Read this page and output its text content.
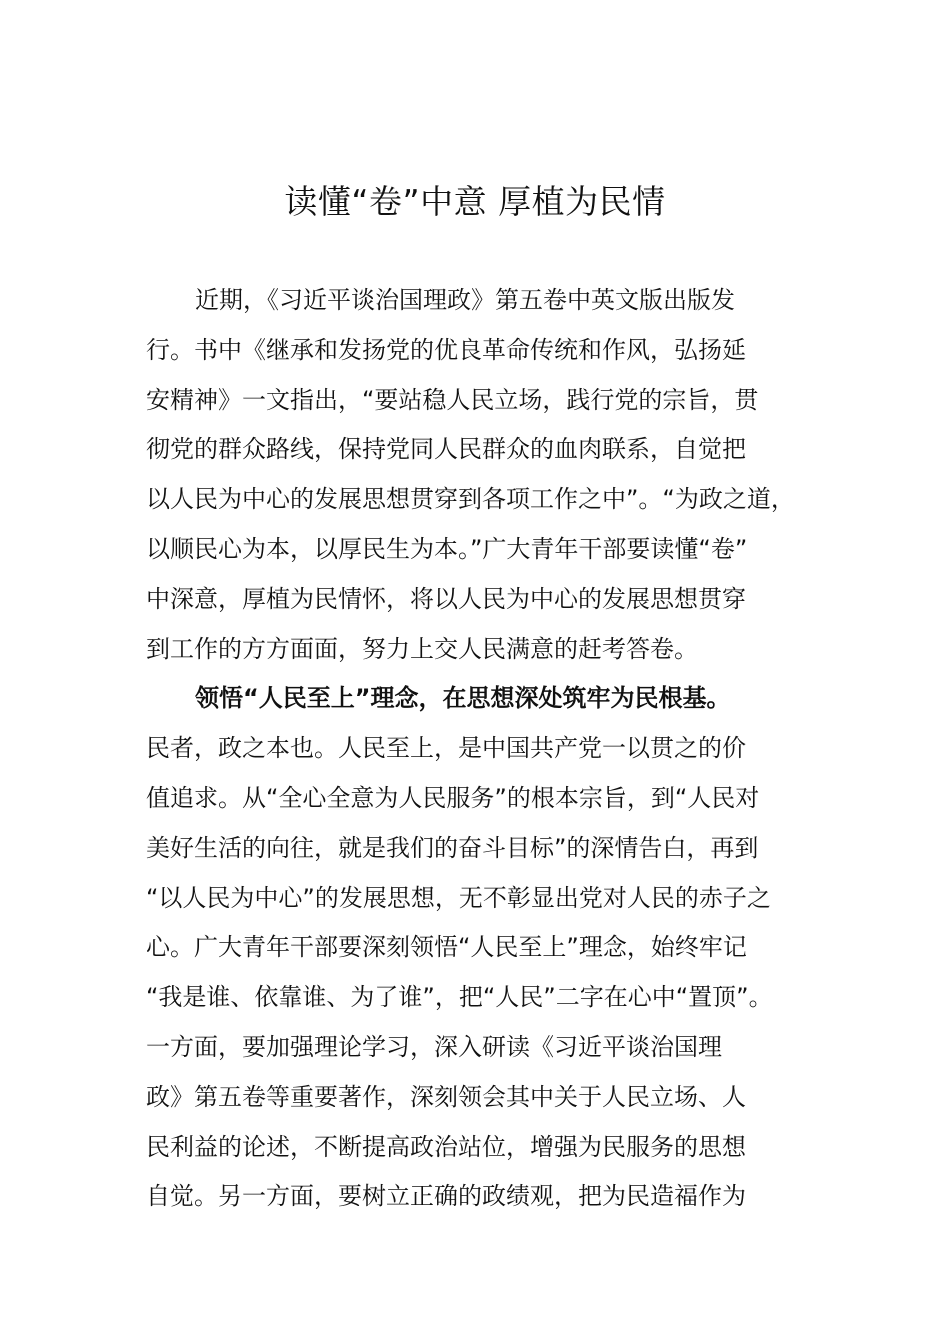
读懂“卷”中意 厚植为民情
近期，《习近平谈治国理政》第五卷中英文版出版发
行。书中《继承和发扬党的优良革命传统和作风，弘扬延
安精神》一文指出，“要站稳人民立场，践行党的宗旨，贯
彻党的群众路线，保持党同人民群众的血肉联系，自觉把
以人民为中心的发展思想贯穿到各项工作之中”。“为政之道，
以顺民心为本，以厚民生为本。”广大青年干部要读懂“卷”
中深意，厚植为民情怀，将以人民为中心的发展思想贯穿
到工作的方方面面，努力上交人民满意的赶考答卷。
领悟“人民至上”理念，在思想深处筑牢为民根基。
民者，政之本也。人民至上，是中国共产党一以贯之的价
值追求。从“全心全意为人民服务”的根本宗旨，到“人民对
美好生活的向往，就是我们的奋斗目标”的深情告白，再到
“以人民为中心”的发展思想，无不彰显出党对人民的赤子之
心。广大青年干部要深刻领悟“人民至上”理念，始终牢记
“我是谁、依靠谁、为了谁”，把“人民”二字在心中“置顶”。
一方面，要加强理论学习，深入研读《习近平谈治国理
政》第五卷等重要著作，深刻领会其中关于人民立场、人
民利益的论述，不断提高政治站位，增强为民服务的思想
自觉。另一方面，要树立正确的政绩观，把为民造福作为
